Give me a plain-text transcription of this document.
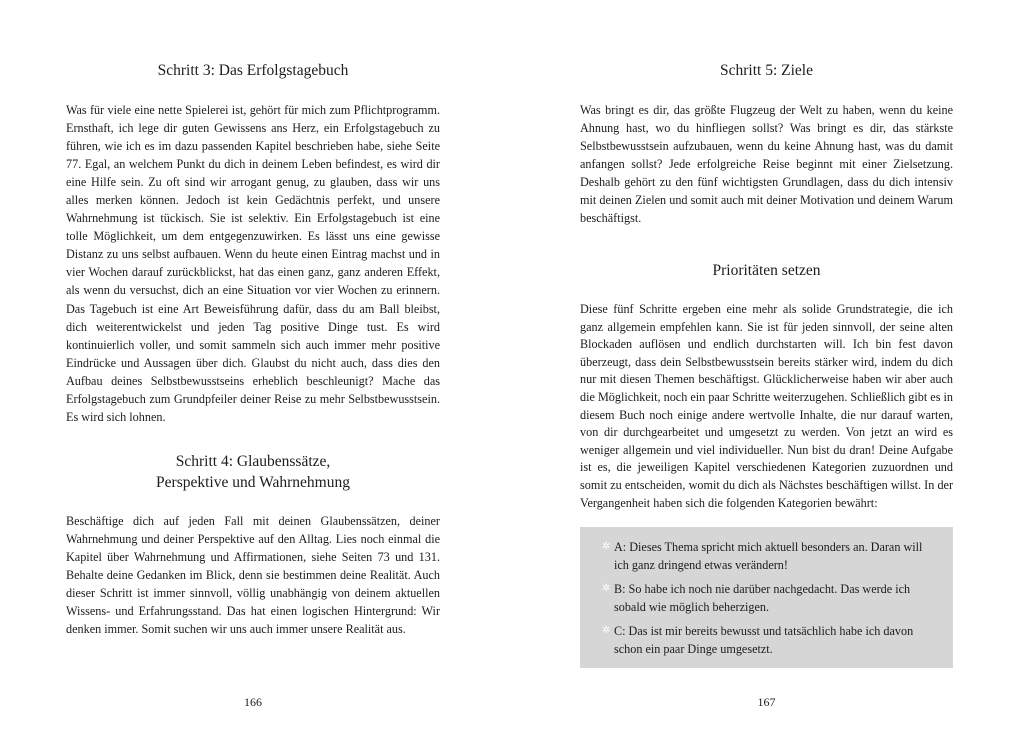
Schritt 3: Das Erfolgstagebuch

Was für viele eine nette Spielerei ist, gehört für mich zum Pflichtprogramm. Ernsthaft, ich lege dir guten Gewissens ans Herz, ein Erfolgstagebuch zu führen, wie ich es im dazu passenden Kapitel beschrieben habe, siehe Seite 77. Egal, an welchem Punkt du dich in deinem Leben befindest, es wird dir eine Hilfe sein. Zu oft sind wir arrogant genug, zu glauben, dass wir uns alles merken können. Jedoch ist kein Gedächtnis perfekt, und unsere Wahrnehmung ist tückisch. Sie ist selektiv. Ein Erfolgstagebuch ist eine tolle Möglichkeit, um dem entgegenzuwirken. Es lässt uns eine gewisse Distanz zu uns selbst aufbauen. Wenn du heute einen Eintrag machst und in vier Wochen darauf zurückblickst, hat das einen ganz, ganz anderen Effekt, als wenn du versuchst, dich an eine Situation vor vier Wochen zu erinnern. Das Tagebuch ist eine Art Beweisführung dafür, dass du am Ball bleibst, dich weiterentwickelst und jeden Tag positive Dinge tust. Es wird kontinuierlich voller, und somit sammeln sich auch immer mehr positive Eindrücke und Aussagen über dich. Glaubst du nicht auch, dass dies den Aufbau deines Selbstbewusstseins erheblich beschleunigt? Mache das Erfolgstagebuch zum Grundpfeiler deiner Reise zu mehr Selbstbewusstsein. Es wird sich lohnen.

Schritt 4: Glaubenssätze,
Perspektive und Wahrnehmung

Beschäftige dich auf jeden Fall mit deinen Glaubenssätzen, deiner Wahrnehmung und deiner Perspektive auf den Alltag. Lies noch einmal die Kapitel über Wahrnehmung und Affirmationen, siehe Seiten 73 und 131. Behalte deine Gedanken im Blick, denn sie bestimmen deine Realität. Auch dieser Schritt ist immer sinnvoll, völlig unabhängig von deinem aktuellen Wissens- und Erfahrungsstand. Das hat einen logischen Hintergrund: Wir denken immer. Somit suchen wir uns auch immer unsere Realität aus.

166
Schritt 5: Ziele

Was bringt es dir, das größte Flugzeug der Welt zu haben, wenn du keine Ahnung hast, wo du hinfliegen sollst? Was bringt es dir, das stärkste Selbstbewusstsein aufzubauen, wenn du keine Ahnung hast, was du damit anfangen sollst? Jede erfolgreiche Reise beginnt mit einer Zielsetzung. Deshalb gehört zu den fünf wichtigsten Grundlagen, dass du dich intensiv mit deinen Zielen und somit auch mit deiner Motivation und deinem Warum beschäftigst.

Prioritäten setzen

Diese fünf Schritte ergeben eine mehr als solide Grundstrategie, die ich ganz allgemein empfehlen kann. Sie ist für jeden sinnvoll, der seine alten Blockaden auflösen und endlich durchstarten will. Ich bin fest davon überzeugt, dass dein Selbstbewusstsein bereits stärker wird, indem du dich nur mit diesen Themen beschäftigst. Glücklicherweise haben wir aber auch die Möglichkeit, noch ein paar Schritte weiterzugehen. Schließlich gibt es in diesem Buch noch einige andere wertvolle Inhalte, die nur darauf warten, von dir durchgearbeitet und umgesetzt zu werden. Von jetzt an wird es weniger allgemein und viel individueller. Nun bist du dran! Deine Aufgabe ist es, die jeweiligen Kapitel verschiedenen Kategorien zuzuordnen und somit zu entscheiden, womit du dich als Nächstes beschäftigen willst. In der Vergangenheit haben sich die folgenden Kategorien bewährt:

✲ A: Dieses Thema spricht mich aktuell besonders an. Daran will ich ganz dringend etwas verändern!
✲ B: So habe ich noch nie darüber nachgedacht. Das werde ich sobald wie möglich beherzigen.
✲ C: Das ist mir bereits bewusst und tatsächlich habe ich davon schon ein paar Dinge umgesetzt.
167
